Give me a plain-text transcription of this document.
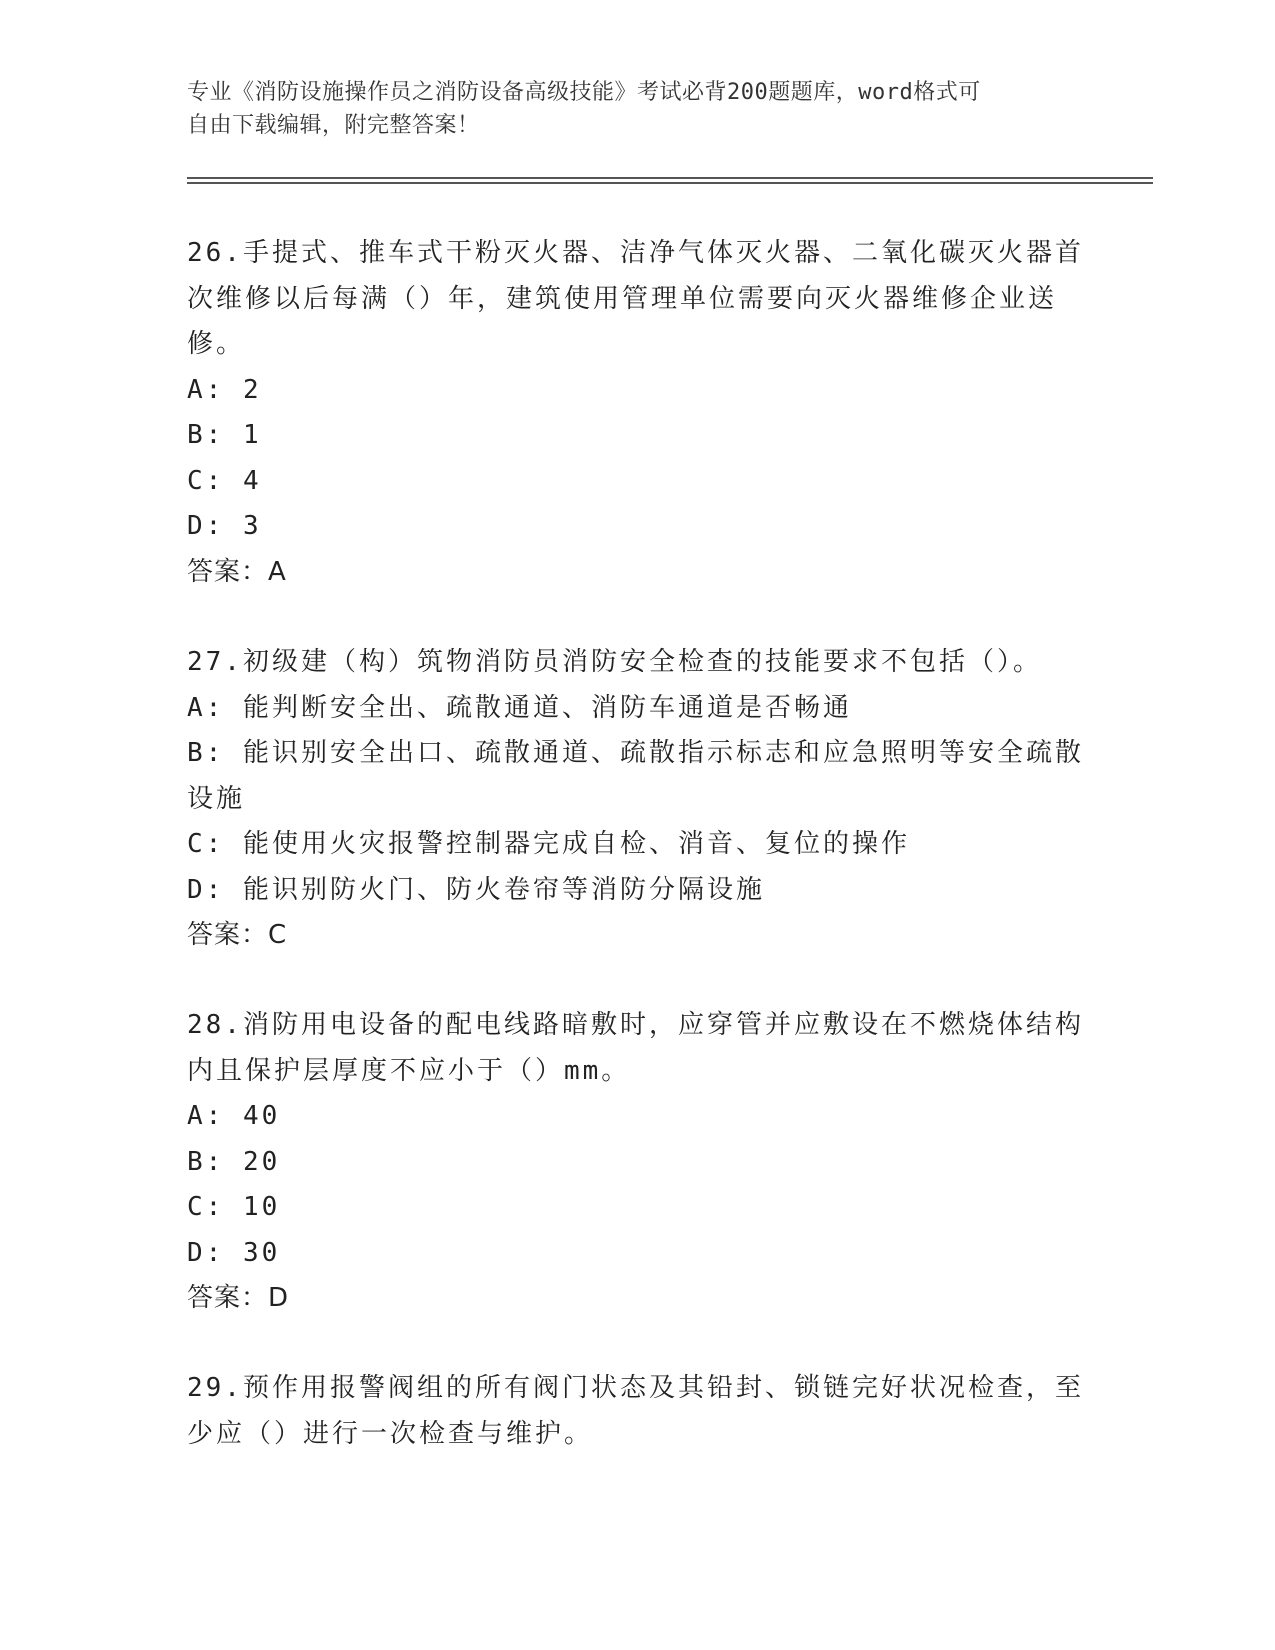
专业《消防设施操作员之消防设备高级技能》考试必背200题题库，word格式可
自由下载编辑，附完整答案！
26.手提式、推车式干粉灭火器、洁净气体灭火器、二氧化碳灭火器首
次维修以后每满（）年，建筑使用管理单位需要向灭火器维修企业送
修。
A: 2
B: 1
C: 4
D: 3
答案：A
27.初级建（构）筑物消防员消防安全检查的技能要求不包括（）。
A: 能判断安全出、疏散通道、消防车通道是否畅通
B: 能识别安全出口、疏散通道、疏散指示标志和应急照明等安全疏散
设施
C: 能使用火灾报警控制器完成自检、消音、复位的操作
D: 能识别防火门、防火卷帘等消防分隔设施
答案：C
28.消防用电设备的配电线路暗敷时，应穿管并应敷设在不燃烧体结构
内且保护层厚度不应小于（）mm。
A: 40
B: 20
C: 10
D: 30
答案：D
29.预作用报警阀组的所有阀门状态及其铅封、锁链完好状况检查，至
少应（）进行一次检查与维护。
